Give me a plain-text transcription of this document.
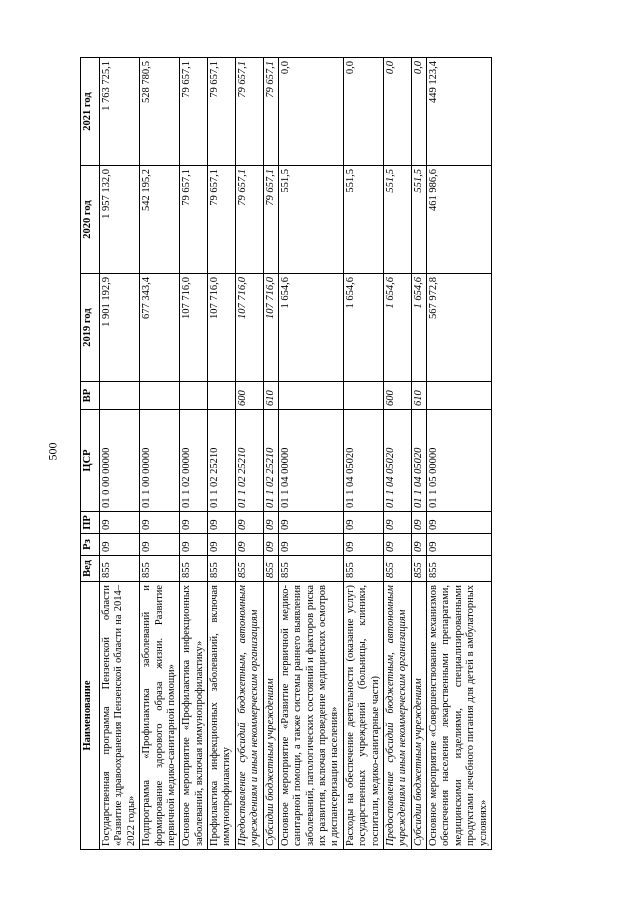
500
Наименование	Вед	Рз	ПР	ЦСР	ВР	2019 год	2020 год	2021 год
Государственная программа Пензенской области «Развитие здравоохранения Пензенской области на 2014–2022 годы»	855	09	09	01 0 00 00000		1 901 192,9	1 957 132,0	1 763 725,1
Подпрограмма «Профилактика заболеваний и формирование здорового образа жизни. Развитие первичной медико-санитарной помощи»	855	09	09	01 1 00 00000		677 343,4	542 195,2	528 780,5
Основное мероприятие «Профилактика инфекционных заболеваний, включая иммунопрофилактику»	855	09	09	01 1 02 00000		107 716,0	79 657,1	79 657,1
Профилактика инфекционных заболеваний, включая иммунопрофилактику	855	09	09	01 1 02 25210		107 716,0	79 657,1	79 657,1
Предоставление субсидий бюджетным, автономным учреждениям и иным некоммерческим организациям	855	09	09	01 1 02 25210	600	107 716,0	79 657,1	79 657,1
Субсидии бюджетным учреждениям	855	09	09	01 1 02 25210	610	107 716,0	79 657,1	79 657,1
Основное мероприятие «Развитие первичной медико-санитарной помощи, а также системы раннего выявления заболеваний, патологических состояний и факторов риска их развития, включая проведение медицинских осмотров и диспансеризации населения»	855	09	09	01 1 04 00000		1 654,6	551,5	0,0
Расходы на обеспечение деятельности (оказание услуг) государственных учреждений (больницы, клиники, госпитали, медико-санитарные части)	855	09	09	01 1 04 05020		1 654,6	551,5	0,0
Предоставление субсидий бюджетным, автономным учреждениям и иным некоммерческим организациям	855	09	09	01 1 04 05020	600	1 654,6	551,5	0,0
Субсидии бюджетным учреждениям	855	09	09	01 1 04 05020	610	1 654,6	551,5	0,0
Основное мероприятие «Совершенствование механизмов обеспечения населения лекарственными препаратами, медицинскими изделиями, специализированными продуктами лечебного питания для детей в амбулаторных условиях»	855	09	09	01 1 05 00000		567 972,8	461 986,6	449 123,4
